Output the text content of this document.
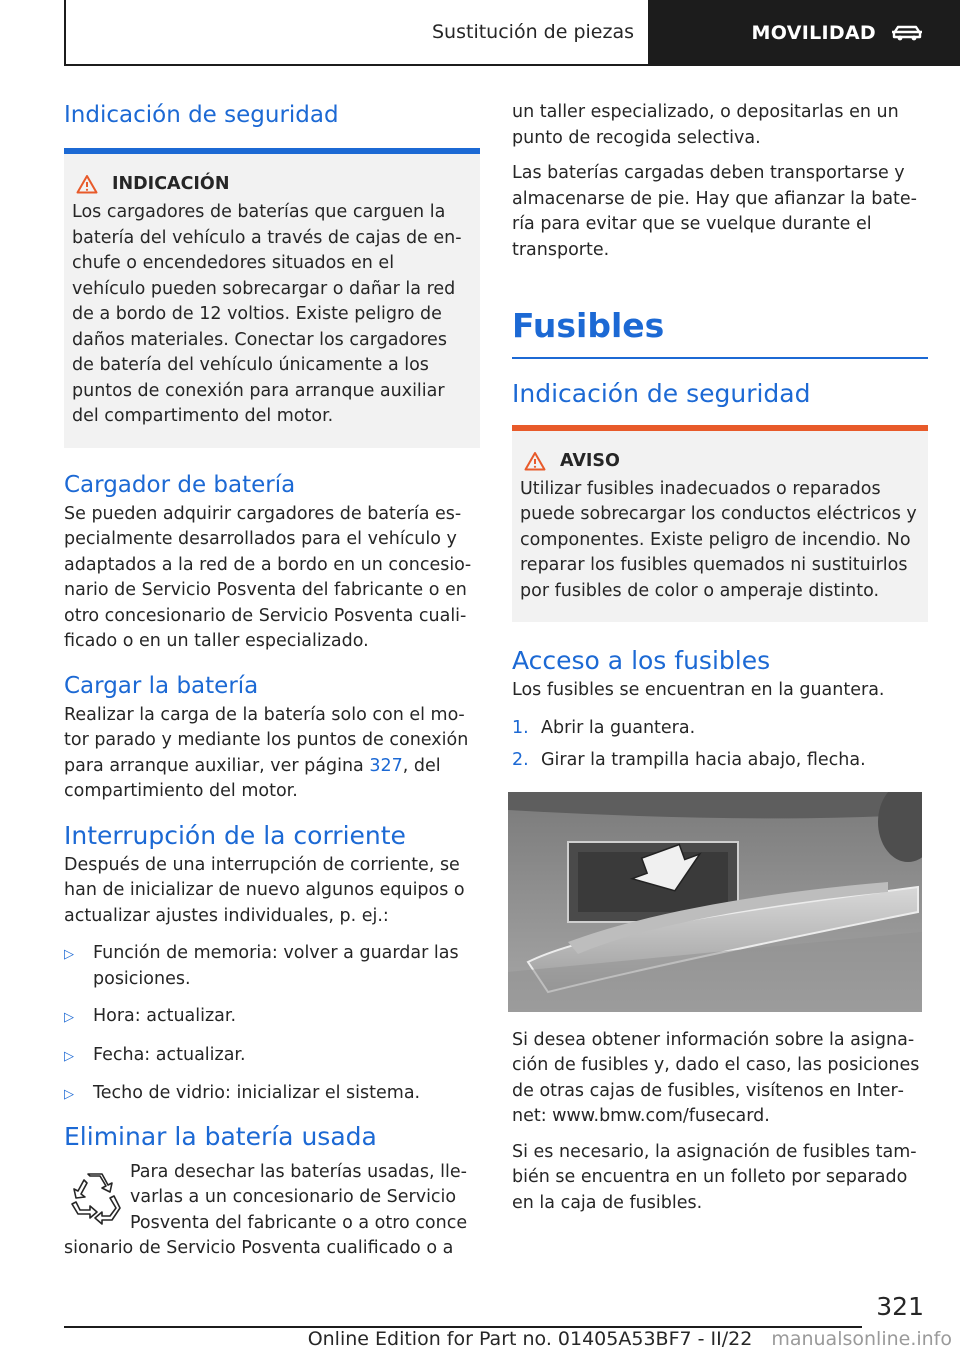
Sustitución de piezas	MOVILIDAD
Indicación de seguridad
INDICACIÓN

Los cargadores de baterías que carguen la batería del vehículo a través de cajas de enchufe o encendedores situados en el vehículo pueden sobrecargar o dañar la red de a bordo de 12 voltios. Existe peligro de daños materiales. Conectar los cargadores de batería del vehículo únicamente a los puntos de conexión para arranque auxiliar del compartimento del motor.

Cargador de batería

Se pueden adquirir cargadores de batería especialmente desarrollados para el vehículo y adaptados a la red de a bordo en un concesionario de Servicio Posventa del fabricante o en otro concesionario de Servicio Posventa cualificado o en un taller especializado.

Cargar la batería

Realizar la carga de la batería solo con el motor parado y mediante los puntos de conexión para arranque auxiliar, ver página 327, del compartimiento del motor.

Interrupción de la corriente

Después de una interrupción de corriente, se han de inicializar de nuevo algunos equipos o actualizar ajustes individuales, p. ej.:

▷	Función de memoria: volver a guardar las posiciones.
▷	Hora: actualizar.
▷	Fecha: actualizar.
▷	Techo de vidrio: inicializar el sistema.
Eliminar la batería usada

Para desechar las baterías usadas, llevarlas a un concesionario de Servicio Posventa del fabricante o a otro conce

sionario de Servicio Posventa cualificado o a

un taller especializado, o depositarlas en un punto de recogida selectiva.

Las baterías cargadas deben transportarse y almacenarse de pie. Hay que afianzar la batería para evitar que se vuelque durante el transporte.

Fusibles
Indicación de seguridad
AVISO

Utilizar fusibles inadecuados o reparados puede sobrecargar los conductos eléctricos y componentes. Existe peligro de incendio. No reparar los fusibles quemados ni sustituirlos por fusibles de color o amperaje distinto.

Acceso a los fusibles

Los fusibles se encuentran en la guantera.

1. Abrir la guantera.
2. Girar la trampilla hacia abajo, flecha.

Si desea obtener información sobre la asignación de fusibles y, dado el caso, las posiciones de otras cajas de fusibles, visítenos en Internet: www.bmw.com/fusecard.

Si es necesario, la asignación de fusibles también se encuentra en un folleto por separado en la caja de fusibles.

321
Online Edition for Part no. 01405A53BF7 - II/22	manualsonline.info
